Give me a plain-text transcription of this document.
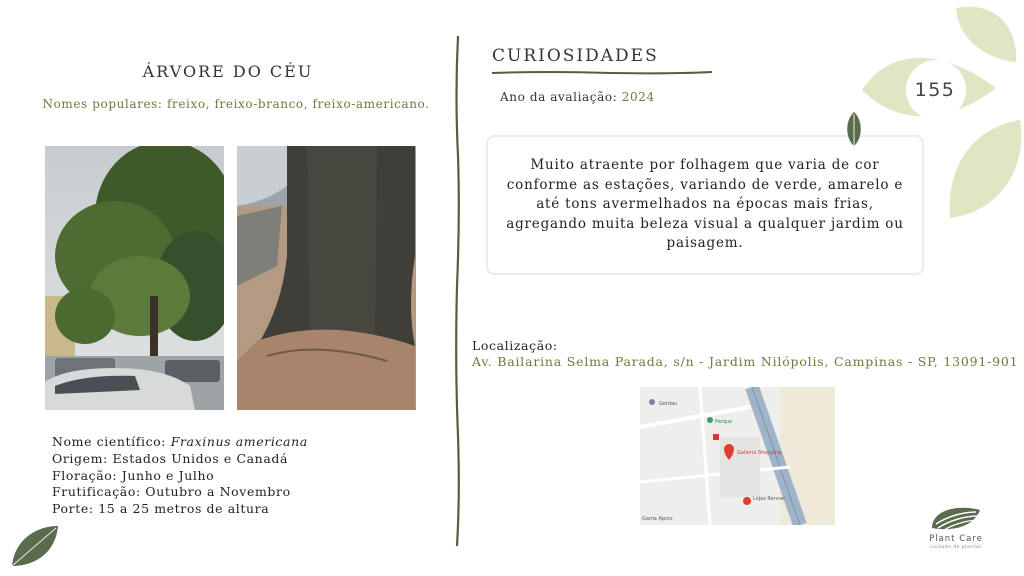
ÁRVORE DO CÉU
Nomes populares: freixo, freixo-branco, freixo-americano.
Nome científico: Fraxinus americana
Origem: Estados Unidos e Canadá
Floração: Junho e Julho
Frutificação: Outubro a Novembro
Porte: 15 a 25 metros de altura
CURIOSIDADES
Ano da avaliação: 2024

Muito atraente por folhagem que varia de cor conforme as estações, variando de verde, amarelo e até tons avermelhados na épocas mais frias, agregando muita beleza visual a qualquer jardim ou paisagem.

Localização:
Av. Bailarina Selma Parada, s/n - Jardim Nilópolis, Campinas - SP, 13091-901
Gerdau
Parque
Galleria Shopping
Lojas Renner
Gama Apoio
155
Plant Care
cuidado de plantas
